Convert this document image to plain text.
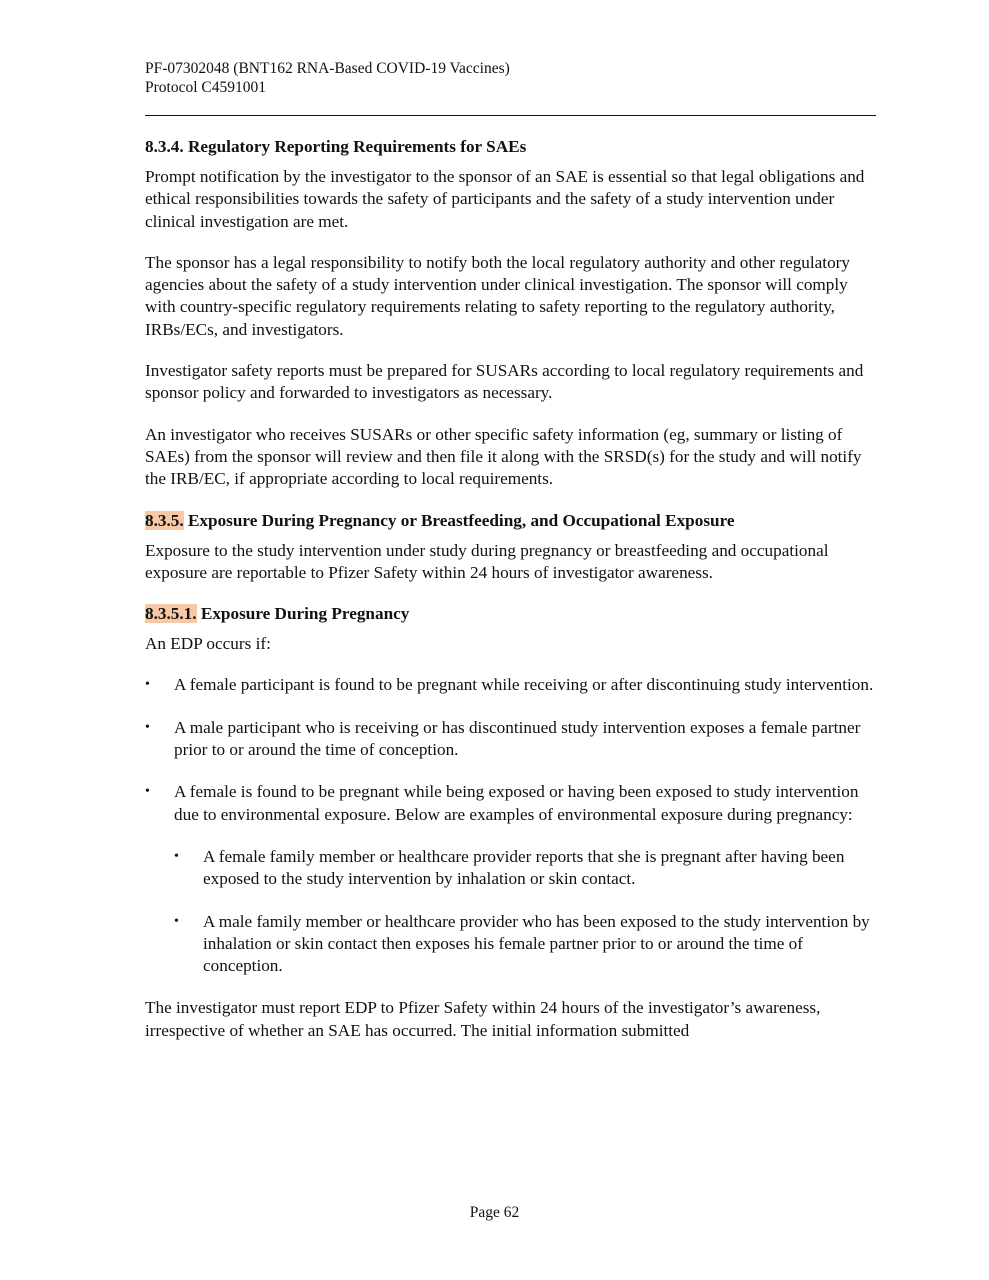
PF-07302048 (BNT162 RNA-Based COVID-19 Vaccines)
Protocol C4591001
8.3.4. Regulatory Reporting Requirements for SAEs

Prompt notification by the investigator to the sponsor of an SAE is essential so that legal obligations and ethical responsibilities towards the safety of participants and the safety of a study intervention under clinical investigation are met.

The sponsor has a legal responsibility to notify both the local regulatory authority and other regulatory agencies about the safety of a study intervention under clinical investigation. The sponsor will comply with country-specific regulatory requirements relating to safety reporting to the regulatory authority, IRBs/ECs, and investigators.

Investigator safety reports must be prepared for SUSARs according to local regulatory requirements and sponsor policy and forwarded to investigators as necessary.

An investigator who receives SUSARs or other specific safety information (eg, summary or listing of SAEs) from the sponsor will review and then file it along with the SRSD(s) for the study and will notify the IRB/EC, if appropriate according to local requirements.

8.3.5. Exposure During Pregnancy or Breastfeeding, and Occupational Exposure

Exposure to the study intervention under study during pregnancy or breastfeeding and occupational exposure are reportable to Pfizer Safety within 24 hours of investigator awareness.

8.3.5.1. Exposure During Pregnancy

An EDP occurs if:

•	A female participant is found to be pregnant while receiving or after discontinuing study intervention.
•	A male participant who is receiving or has discontinued study intervention exposes a female partner prior to or around the time of conception.
•	A female is found to be pregnant while being exposed or having been exposed to study intervention due to environmental exposure. Below are examples of environmental exposure during pregnancy:
•	A female family member or healthcare provider reports that she is pregnant after having been exposed to the study intervention by inhalation or skin contact.
•	A male family member or healthcare provider who has been exposed to the study intervention by inhalation or skin contact then exposes his female partner prior to or around the time of conception.

The investigator must report EDP to Pfizer Safety within 24 hours of the investigator’s awareness, irrespective of whether an SAE has occurred. The initial information submitted

Page 62
